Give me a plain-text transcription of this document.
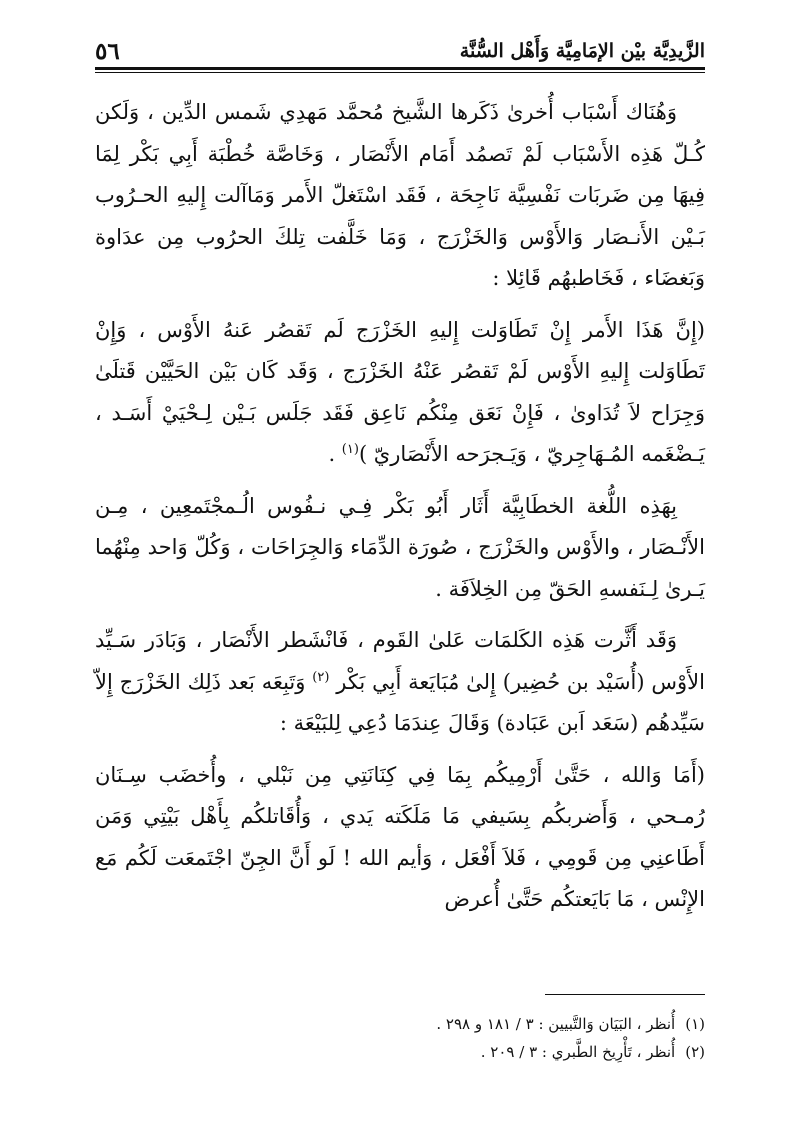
الزَّيدِيَّة بيْن الإمَامِيَّة وَأَهْل السُّنَّة
٥٦

وَهُنَاك أَسْبَاب أُخرىٰ ذَكَرها الشَّيخ مُحمَّد مَهدِي شَمس الدِّين ، وَلَكن كُـلّ هَذِه الأَسْبَاب لَمْ تَصمُد أَمَام الأَنْصَار ، وَخَاصَّة خُطْبَة أَبِي بَكْر لِمَا فِيهَا مِن ضَربَات نَفْسِيَّة نَاجِحَة ، فَقَد اسْتَغلّ الأَمر وَمَاآلت إِليهِ الحـرُوب بَـيْن الأَنـصَار وَالأَوْس وَالخَزْرَج ، وَمَا خَلَّفت تِلكَ الحرُوب مِن عدَاوة وَبَغضَاء ، فَخَاطبهُم قَائِلا :

(إِنَّ هَذَا الأَمر إِنْ تَطَاوَلت إِليهِ الخَزْرَج لَم تَقصُر عَنهُ الأَوْس ، وَإِنْ تَطَاوَلت إِليهِ الأَوْس لَمْ تَقصُر عَنْهُ الخَزْرَج ، وَقَد كَان بَيْن الحَيَّيْن قَتلَىٰ وَجِرَاح لاَ تُدَاوىٰ ، فَإِنْ نَعَق مِنْكُم نَاعِق فَقَد جَلَس بَـيْن لِـحْيَيْ أَسَـد ، يَـضْغَمه المُـهَاجِريّ ، وَيَـجرَحه الأَنْصَاريّ )$^{(١)}$ .

بِهَذِه اللُّغة الخطَابِيَّة أَثَار أَبُو بَكْر فِـي نـفُوس الُـمجْتَمعِين ، مِـن الأَنْـصَار ، والأَوْس والخَزْرَج ، صُورَة الدِّمَاء وَالجِرَاحَات ، وَكُلّ وَاحد مِنْهُما يَـرىٰ لِـنَفسهِ الحَقّ مِن الخِلاَفَة .

وَقَد أَثَّرت هَذِه الكَلمَات عَلىٰ القَوم ، فَانْشَطر الأَنْصَار ، وَبَادَر سَـيِّد الأَوْس (أُسَيْد بن حُضِير) إِلىٰ مُبَايَعة أَبِي بَكْر $^{(٢)}$ وَتَبِعَه بَعد ذَلِك الخَزْرَج إِلاّ سَيِّدهُم (سَعَد اَبن عَبَادة) وَقَالَ عِندَمَا دُعِي لِلبَيْعَة :

(أَمَا وَالله ، حَتَّىٰ أَرْمِيكُم بِمَا فِي كِنَانَتِي مِن نَبْلي ، وأُخضَب سِـنَان رُمـحي ، وَأَضربكُم بِسَيفي مَا مَلَكَته يَدي ، وَأُقَاتلكُم بِأَهْل بَيْتِي وَمَن أَطَاعنِي مِن قَومِي ، فَلاَ أَفْعَل ، وَأيم الله ! لَو أَنَّ الجِنّ اجْتَمعَت لَكُم مَع الإِنْس ، مَا بَايَعتكُم حَتَّىٰ أُعرض

(١)
أُنظر ، البَيَان وَالتَّبيين : ٣ / ١٨١ و ٢٩٨ .
(٢)
أُنظر ، تَأْرِيخ الطَّبري : ٣ / ٢٠٩ .
